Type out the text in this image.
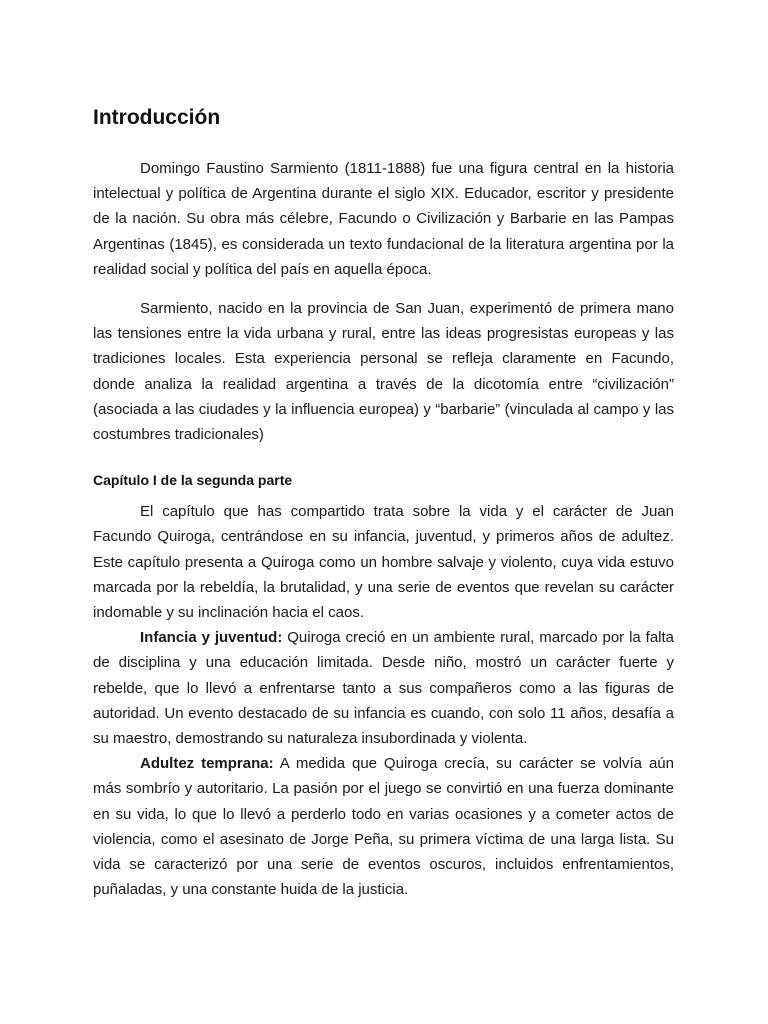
Introducción

Domingo Faustino Sarmiento (1811-1888) fue una figura central en la historia intelectual y política de Argentina durante el siglo XIX. Educador, escritor y presidente de la nación. Su obra más célebre, Facundo o Civilización y Barbarie en las Pampas Argentinas (1845), es considerada un texto fundacional de la literatura argentina por la realidad social y política del país en aquella época.

Sarmiento, nacido en la provincia de San Juan, experimentó de primera mano las tensiones entre la vida urbana y rural, entre las ideas progresistas europeas y las tradiciones locales. Esta experiencia personal se refleja claramente en Facundo, donde analiza la realidad argentina a través de la dicotomía entre “civilización” (asociada a las ciudades y la influencia europea) y “barbarie” (vinculada al campo y las costumbres tradicionales)

Capítulo I de la segunda parte

El capítulo que has compartido trata sobre la vida y el carácter de Juan Facundo Quiroga, centrándose en su infancia, juventud, y primeros años de adultez. Este capítulo presenta a Quiroga como un hombre salvaje y violento, cuya vida estuvo marcada por la rebeldía, la brutalidad, y una serie de eventos que revelan su carácter indomable y su inclinación hacia el caos.

Infancia y juventud: Quiroga creció en un ambiente rural, marcado por la falta de disciplina y una educación limitada. Desde niño, mostró un carácter fuerte y rebelde, que lo llevó a enfrentarse tanto a sus compañeros como a las figuras de autoridad. Un evento destacado de su infancia es cuando, con solo 11 años, desafía a su maestro, demostrando su naturaleza insubordinada y violenta.

Adultez temprana: A medida que Quiroga crecía, su carácter se volvía aún más sombrío y autoritario. La pasión por el juego se convirtió en una fuerza dominante en su vida, lo que lo llevó a perderlo todo en varias ocasiones y a cometer actos de violencia, como el asesinato de Jorge Peña, su primera víctima de una larga lista. Su vida se caracterizó por una serie de eventos oscuros, incluidos enfrentamientos, puñaladas, y una constante huida de la justicia.
